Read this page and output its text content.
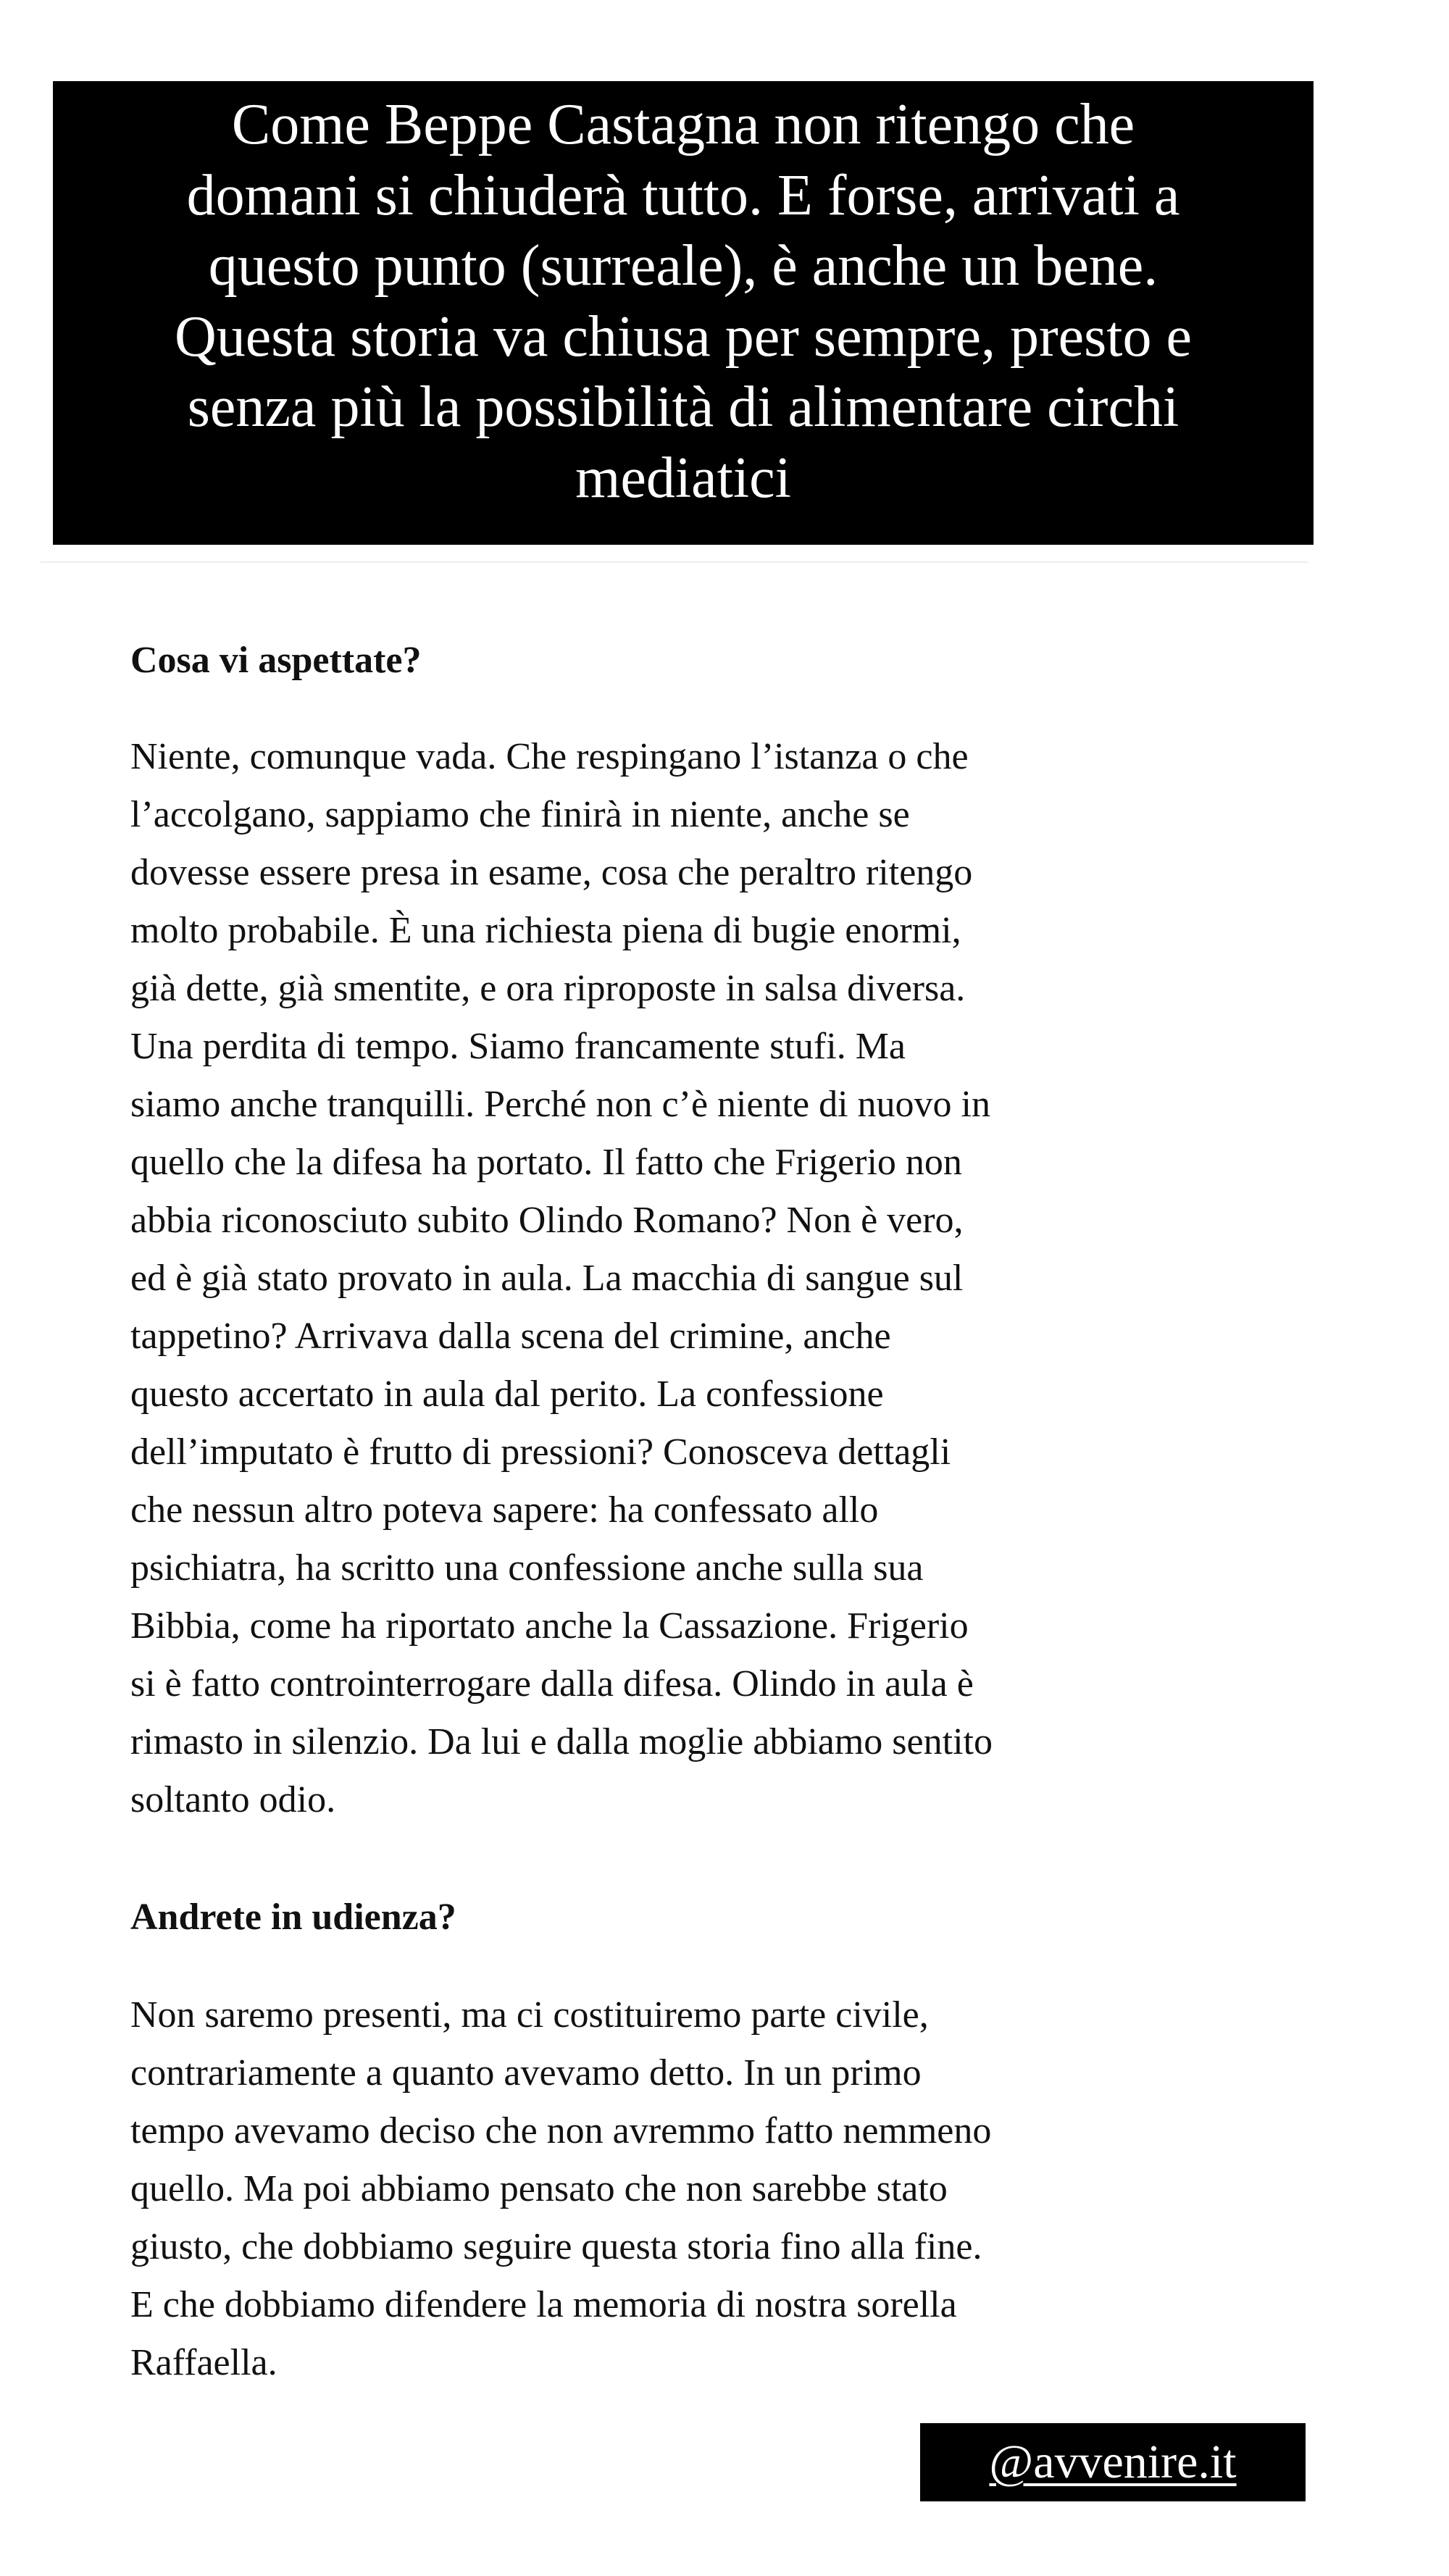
Come Beppe Castagna non ritengo che
domani si chiuderà tutto. E forse, arrivati a
questo punto (surreale), è anche un bene.
Questa storia va chiusa per sempre, presto e
senza più la possibilità di alimentare circhi
mediatici
Cosa vi aspettate?
Niente, comunque vada. Che respingano l’istanza o che
l’accolgano, sappiamo che finirà in niente, anche se
dovesse essere presa in esame, cosa che peraltro ritengo
molto probabile. È una richiesta piena di bugie enormi,
già dette, già smentite, e ora riproposte in salsa diversa.
Una perdita di tempo. Siamo francamente stufi. Ma
siamo anche tranquilli. Perché non c’è niente di nuovo in
quello che la difesa ha portato. Il fatto che Frigerio non
abbia riconosciuto subito Olindo Romano? Non è vero,
ed è già stato provato in aula. La macchia di sangue sul
tappetino? Arrivava dalla scena del crimine, anche
questo accertato in aula dal perito. La confessione
dell’imputato è frutto di pressioni? Conosceva dettagli
che nessun altro poteva sapere: ha confessato allo
psichiatra, ha scritto una confessione anche sulla sua
Bibbia, come ha riportato anche la Cassazione. Frigerio
si è fatto controinterrogare dalla difesa. Olindo in aula è
rimasto in silenzio. Da lui e dalla moglie abbiamo sentito
soltanto odio.
Andrete in udienza?
Non saremo presenti, ma ci costituiremo parte civile,
contrariamente a quanto avevamo detto. In un primo
tempo avevamo deciso che non avremmo fatto nemmeno
quello. Ma poi abbiamo pensato che non sarebbe stato
giusto, che dobbiamo seguire questa storia fino alla fine.
E che dobbiamo difendere la memoria di nostra sorella
Raffaella.
@avvenire.it
